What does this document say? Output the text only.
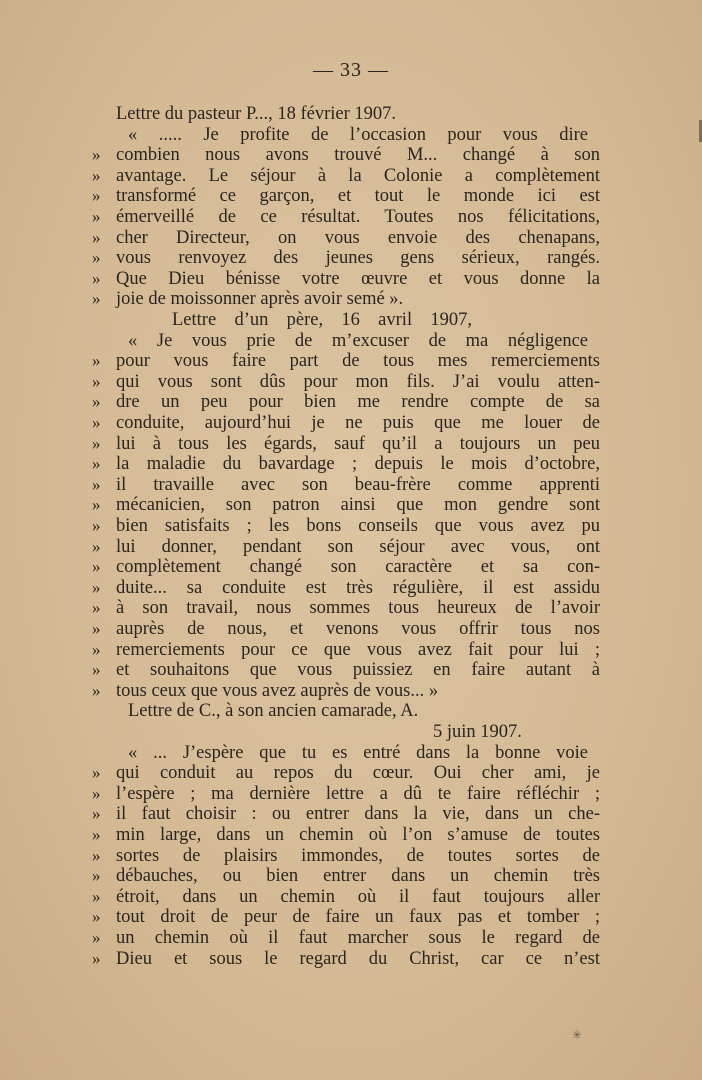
— 33 —
Lettre du pasteur P..., 18 février 1907.
« ..... Je profite de l’occasion pour vous dire
combien nous avons trouvé M... changé à son
»
avantage. Le séjour à la Colonie a complètement
»
transformé ce garçon, et tout le monde ici est
»
émerveillé de ce résultat. Toutes nos félicitations,
»
cher Directeur, on vous envoie des chenapans,
»
vous renvoyez des jeunes gens sérieux, rangés.
»
Que Dieu bénisse votre œuvre et vous donne la
»
joie de moissonner après avoir semé ».
»
Lettre d’un père, 16 avril 1907,
« Je vous prie de m’excuser de ma négligence
pour vous faire part de tous mes remerciements
»
qui vous sont dûs pour mon fils. J’ai voulu atten-
»
dre un peu pour bien me rendre compte de sa
»
conduite, aujourd’hui je ne puis que me louer de
»
lui à tous les égards, sauf qu’il a toujours un peu
»
la maladie du bavardage ; depuis le mois d’octobre,
»
il travaille avec son beau-frère comme apprenti
»
mécanicien, son patron ainsi que mon gendre sont
»
bien satisfaits ; les bons conseils que vous avez pu
»
lui donner, pendant son séjour avec vous, ont
»
complètement changé son caractère et sa con-
»
duite... sa conduite est très régulière, il est assidu
»
à son travail, nous sommes tous heureux de l’avoir
»
auprès de nous, et venons vous offrir tous nos
»
remerciements pour ce que vous avez fait pour lui ;
»
et souhaitons que vous puissiez en faire autant à
»
tous ceux que vous avez auprès de vous... »
»
Lettre de C., à son ancien camarade, A.
5 juin 1907.
« ... J’espère que tu es entré dans la bonne voie
qui conduit au repos du cœur. Oui cher ami, je
»
l’espère ; ma dernière lettre a dû te faire réfléchir ;
»
il faut choisir : ou entrer dans la vie, dans un che-
»
min large, dans un chemin où l’on s’amuse de toutes
»
sortes de plaisirs immondes, de toutes sortes de
»
débauches, ou bien entrer dans un chemin très
»
étroit, dans un chemin où il faut toujours aller
»
tout droit de peur de faire un faux pas et tomber ;
»
un chemin où il faut marcher sous le regard de
»
Dieu et sous le regard du Christ, car ce n’est
»
✳
